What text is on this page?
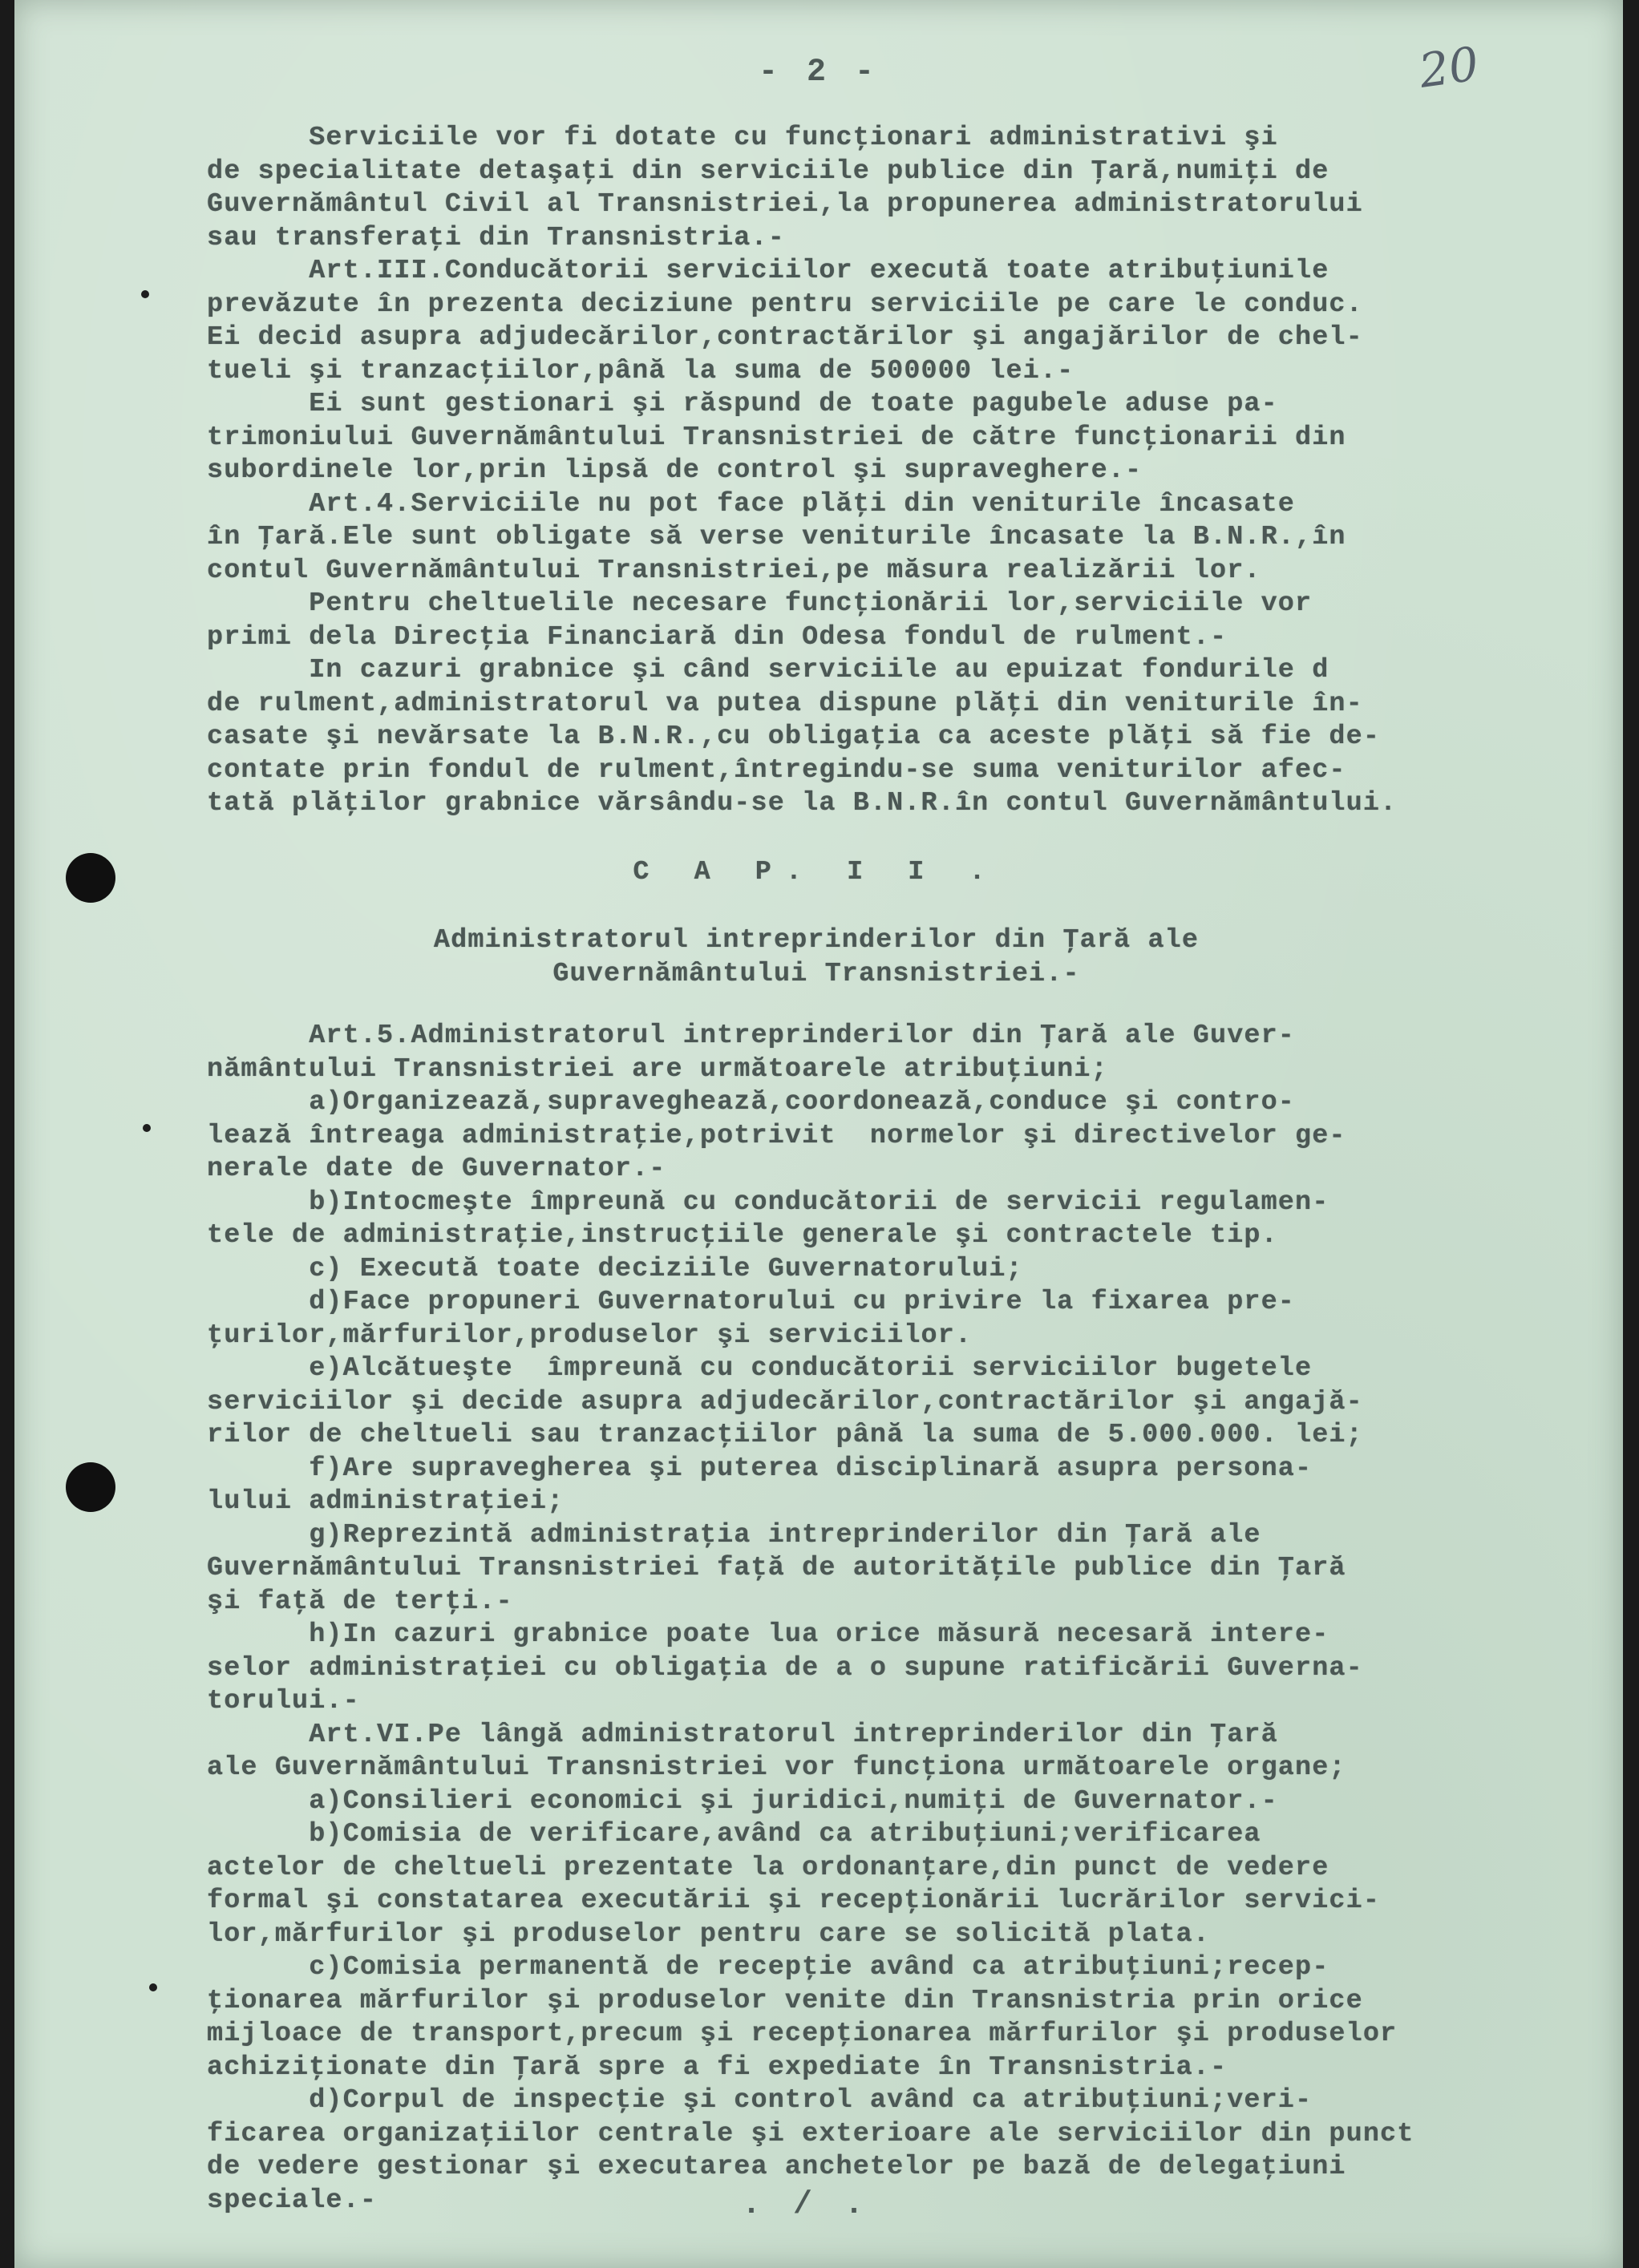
- 2 -	20
Serviciile vor fi dotate cu funcţionari administrativi şi
de specialitate detaşaţi din serviciile publice din Ţară,numiţi de
Guvernământul Civil al Transnistriei,la propunerea administratorului
sau transferaţi din Transnistria.-
Art.III.Conducătorii serviciilor execută toate atribuţiunile
prevăzute în prezenta deciziune pentru serviciile pe care le conduc.
Ei decid asupra adjudecărilor,contractărilor şi angajărilor de chel-
tueli şi tranzacţiilor,până la suma de 500000 lei.-
Ei sunt gestionari şi răspund de toate pagubele aduse pa-
trimoniului Guvernământului Transnistriei de către funcţionarii din
subordinele lor,prin lipsă de control şi supraveghere.-
Art.4.Serviciile nu pot face plăţi din veniturile încasate
în Ţară.Ele sunt obligate să verse veniturile încasate la B.N.R.,în
contul Guvernământului Transnistriei,pe măsura realizării lor.
Pentru cheltuelile necesare funcţionării lor,serviciile vor
primi dela Direcţia Financiară din Odesa fondul de rulment.-
In cazuri grabnice şi când serviciile au epuizat fondurile d
de rulment,administratorul va putea dispune plăţi din veniturile în-
casate şi nevărsate la B.N.R.,cu obligaţia ca aceste plăţi să fie de-
contate prin fondul de rulment,întregindu-se suma veniturilor afec-
tată plăţilor grabnice vărsându-se la B.N.R.în contul Guvernământului.
C A P. I I .
Administratorul intreprinderilor din Ţară ale
Guvernământului Transnistriei.-
Art.5.Administratorul intreprinderilor din Ţară ale Guver-
nământului Transnistriei are următoarele atribuţiuni;
a)Organizează,supraveghează,coordonează,conduce şi contro-
lează întreaga administraţie,potrivit  normelor şi directivelor ge-
nerale date de Guvernator.-
b)Intocmeşte împreună cu conducătorii de servicii regulamen-
tele de administraţie,instrucţiile generale şi contractele tip.
c) Execută toate deciziile Guvernatorului;
d)Face propuneri Guvernatorului cu privire la fixarea pre-
ţurilor,mărfurilor,produselor şi serviciilor.
e)Alcătueşte  împreună cu conducătorii serviciilor bugetele
serviciilor şi decide asupra adjudecărilor,contractărilor şi angajă-
rilor de cheltueli sau tranzacţiilor până la suma de 5.000.000. lei;
f)Are supravegherea şi puterea disciplinară asupra persona-
lului administraţiei;
g)Reprezintă administraţia intreprinderilor din Ţară ale
Guvernământului Transnistriei faţă de autorităţile publice din Ţară
şi faţă de terţi.-
h)In cazuri grabnice poate lua orice măsură necesară intere-
selor administraţiei cu obligaţia de a o supune ratificării Guverna-
torului.-
Art.VI.Pe lângă administratorul intreprinderilor din Ţară
ale Guvernământului Transnistriei vor funcţiona următoarele organe;
a)Consilieri economici şi juridici,numiţi de Guvernator.-
b)Comisia de verificare,având ca atribuţiuni;verificarea
actelor de cheltueli prezentate la ordonanţare,din punct de vedere
formal şi constatarea executării şi recepţionării lucrărilor servici-
lor,mărfurilor şi produselor pentru care se solicită plata.
c)Comisia permanentă de recepţie având ca atribuţiuni;recep-
ţionarea mărfurilor şi produselor venite din Transnistria prin orice
mijloace de transport,precum şi recepţionarea mărfurilor şi produselor
achiziţionate din Ţară spre a fi expediate în Transnistria.-
d)Corpul de inspecţie şi control având ca atribuţiuni;veri-
ficarea organizaţiilor centrale şi exterioare ale serviciilor din punct
de vedere gestionar şi executarea anchetelor pe bază de delegaţiuni
speciale.-	./.
